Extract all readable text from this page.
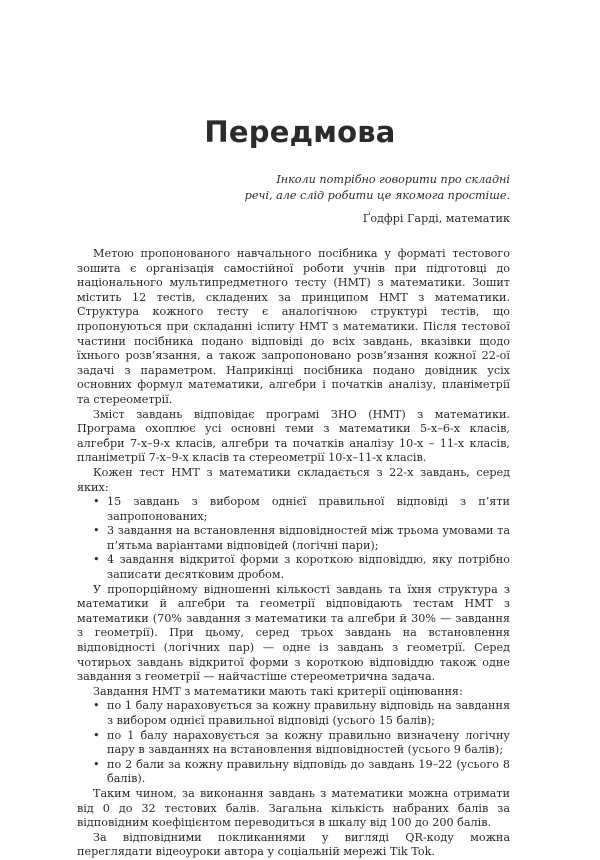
Передмова
Інколи потрібно говорити про складні
речі, але слід робити це якомога простіше.
Ґодфрі Гарді, математик

Метою пропонованого навчального посібника у форматі тестового зошита є організація самостійної роботи учнів при підготовці до національного мультипредметного тесту (НМТ) з математики. Зошит містить 12 тестів, складених за принципом НМТ з математики. Структура кожного тесту є аналогічною структурі тестів, що пропонуються при складанні іспиту НМТ з математики. Після тестової частини посібника подано відповіді до всіх завдань, вказівки щодо їхнього розв’язання, а також запропоновано розв’язання кожної 22-ої задачі з параметром. Наприкінці посібника подано довідник усіх основних формул математики, алгебри і початків аналізу, планіметрії та стереометрії.

Зміст завдань відповідає програмі ЗНО (НМТ) з математики. Програма охоплює усі основні теми з математики 5-х–6-х класів, алгебри 7-х–9-х класів, алгебри та початків аналізу 10-х – 11-х класів, планіметрії 7-х–9-х класів та стереометрії 10-х–11-х класів.

Кожен тест НМТ з математики складається з 22-х завдань, серед яких:

• 15 завдань з вибором однієї правильної відповіді з п’яти запропонованих;
• 3 завдання на встановлення відповідностей між трьома умовами та п’ятьма варіантами відповідей (логічні пари);
• 4 завдання відкритої форми з короткою відповіддю, яку потрібно записати десятковим дробом.

У пропорційному відношенні кількості завдань та їхня структура з математики й алгебри та геометрії відповідають тестам НМТ з математики (70% завдання з математики та алгебри й 30% — завдання з геометрії). При цьому, серед трьох завдань на встановлення відповідності (логічних пар) — одне із завдань з геометрії. Серед чотирьох завдань відкритої форми з короткою відповіддю також одне завдання з геометрії — найчастіше стереометрична задача.

Завдання НМТ з математики мають такі критерії оцінювання:

• по 1 балу нараховується за кожну правильну відповідь на завдання з вибором однієї правильної відповіді (усього 15 балів);
• по 1 балу нараховується за кожну правильно визначену логічну пару в завданнях на встановлення відповідностей (усього 9 балів);
• по 2 бали за кожну правильну відповідь до завдань 19–22 (усього 8 балів).

Таким чином, за виконання завдань з математики можна отримати від 0 до 32 тестових балів. Загальна кількість набраних балів за відповідним коефіцієнтом переводиться в шкалу від 100 до 200 балів.

За відповідними покликаннями у вигляді QR-коду можна переглядати відеоуроки автора у соціальній мережі Tik Tok.
